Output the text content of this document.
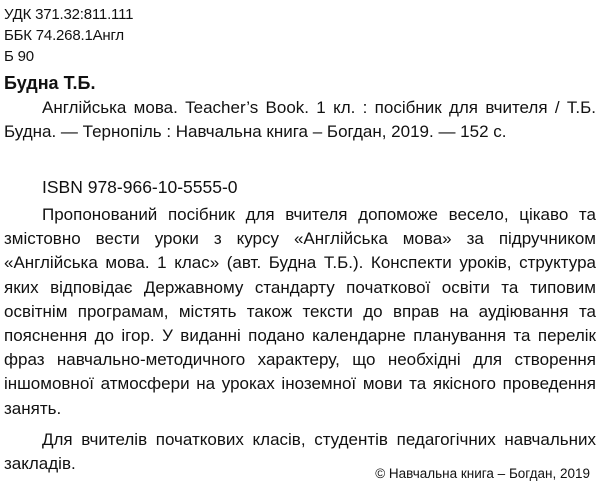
УДК 371.32:811.111
ББК 74.268.1Англ
Б 90
Будна Т.Б.
Англійська мова. Teacher’s Book. 1 кл. : посібник для вчителя / Т.Б. Будна. — Тернопіль : Навчальна книга – Богдан, 2019. — 152 с.
ISBN 978-966-10-5555-0
Пропонований посібник для вчителя допоможе весело, цікаво та змістовно вести уроки з курсу «Англійська мова» за підручником «Англійська мова. 1 клас» (авт. Будна Т.Б.). Конспекти уроків, структура яких відповідає Державному стандарту початкової освіти та типовим освітнім програмам, містять також тексти до вправ на аудіювання та пояснення до ігор. У виданні подано календарне планування та перелік фраз навчально-методичного характеру, що необхідні для створення іншомовної атмосфери на уроках іноземної мови та якісного проведення занять.
Для вчителів початкових класів, студентів педагогічних навчальних закладів.
© Навчальна книга – Богдан, 2019
